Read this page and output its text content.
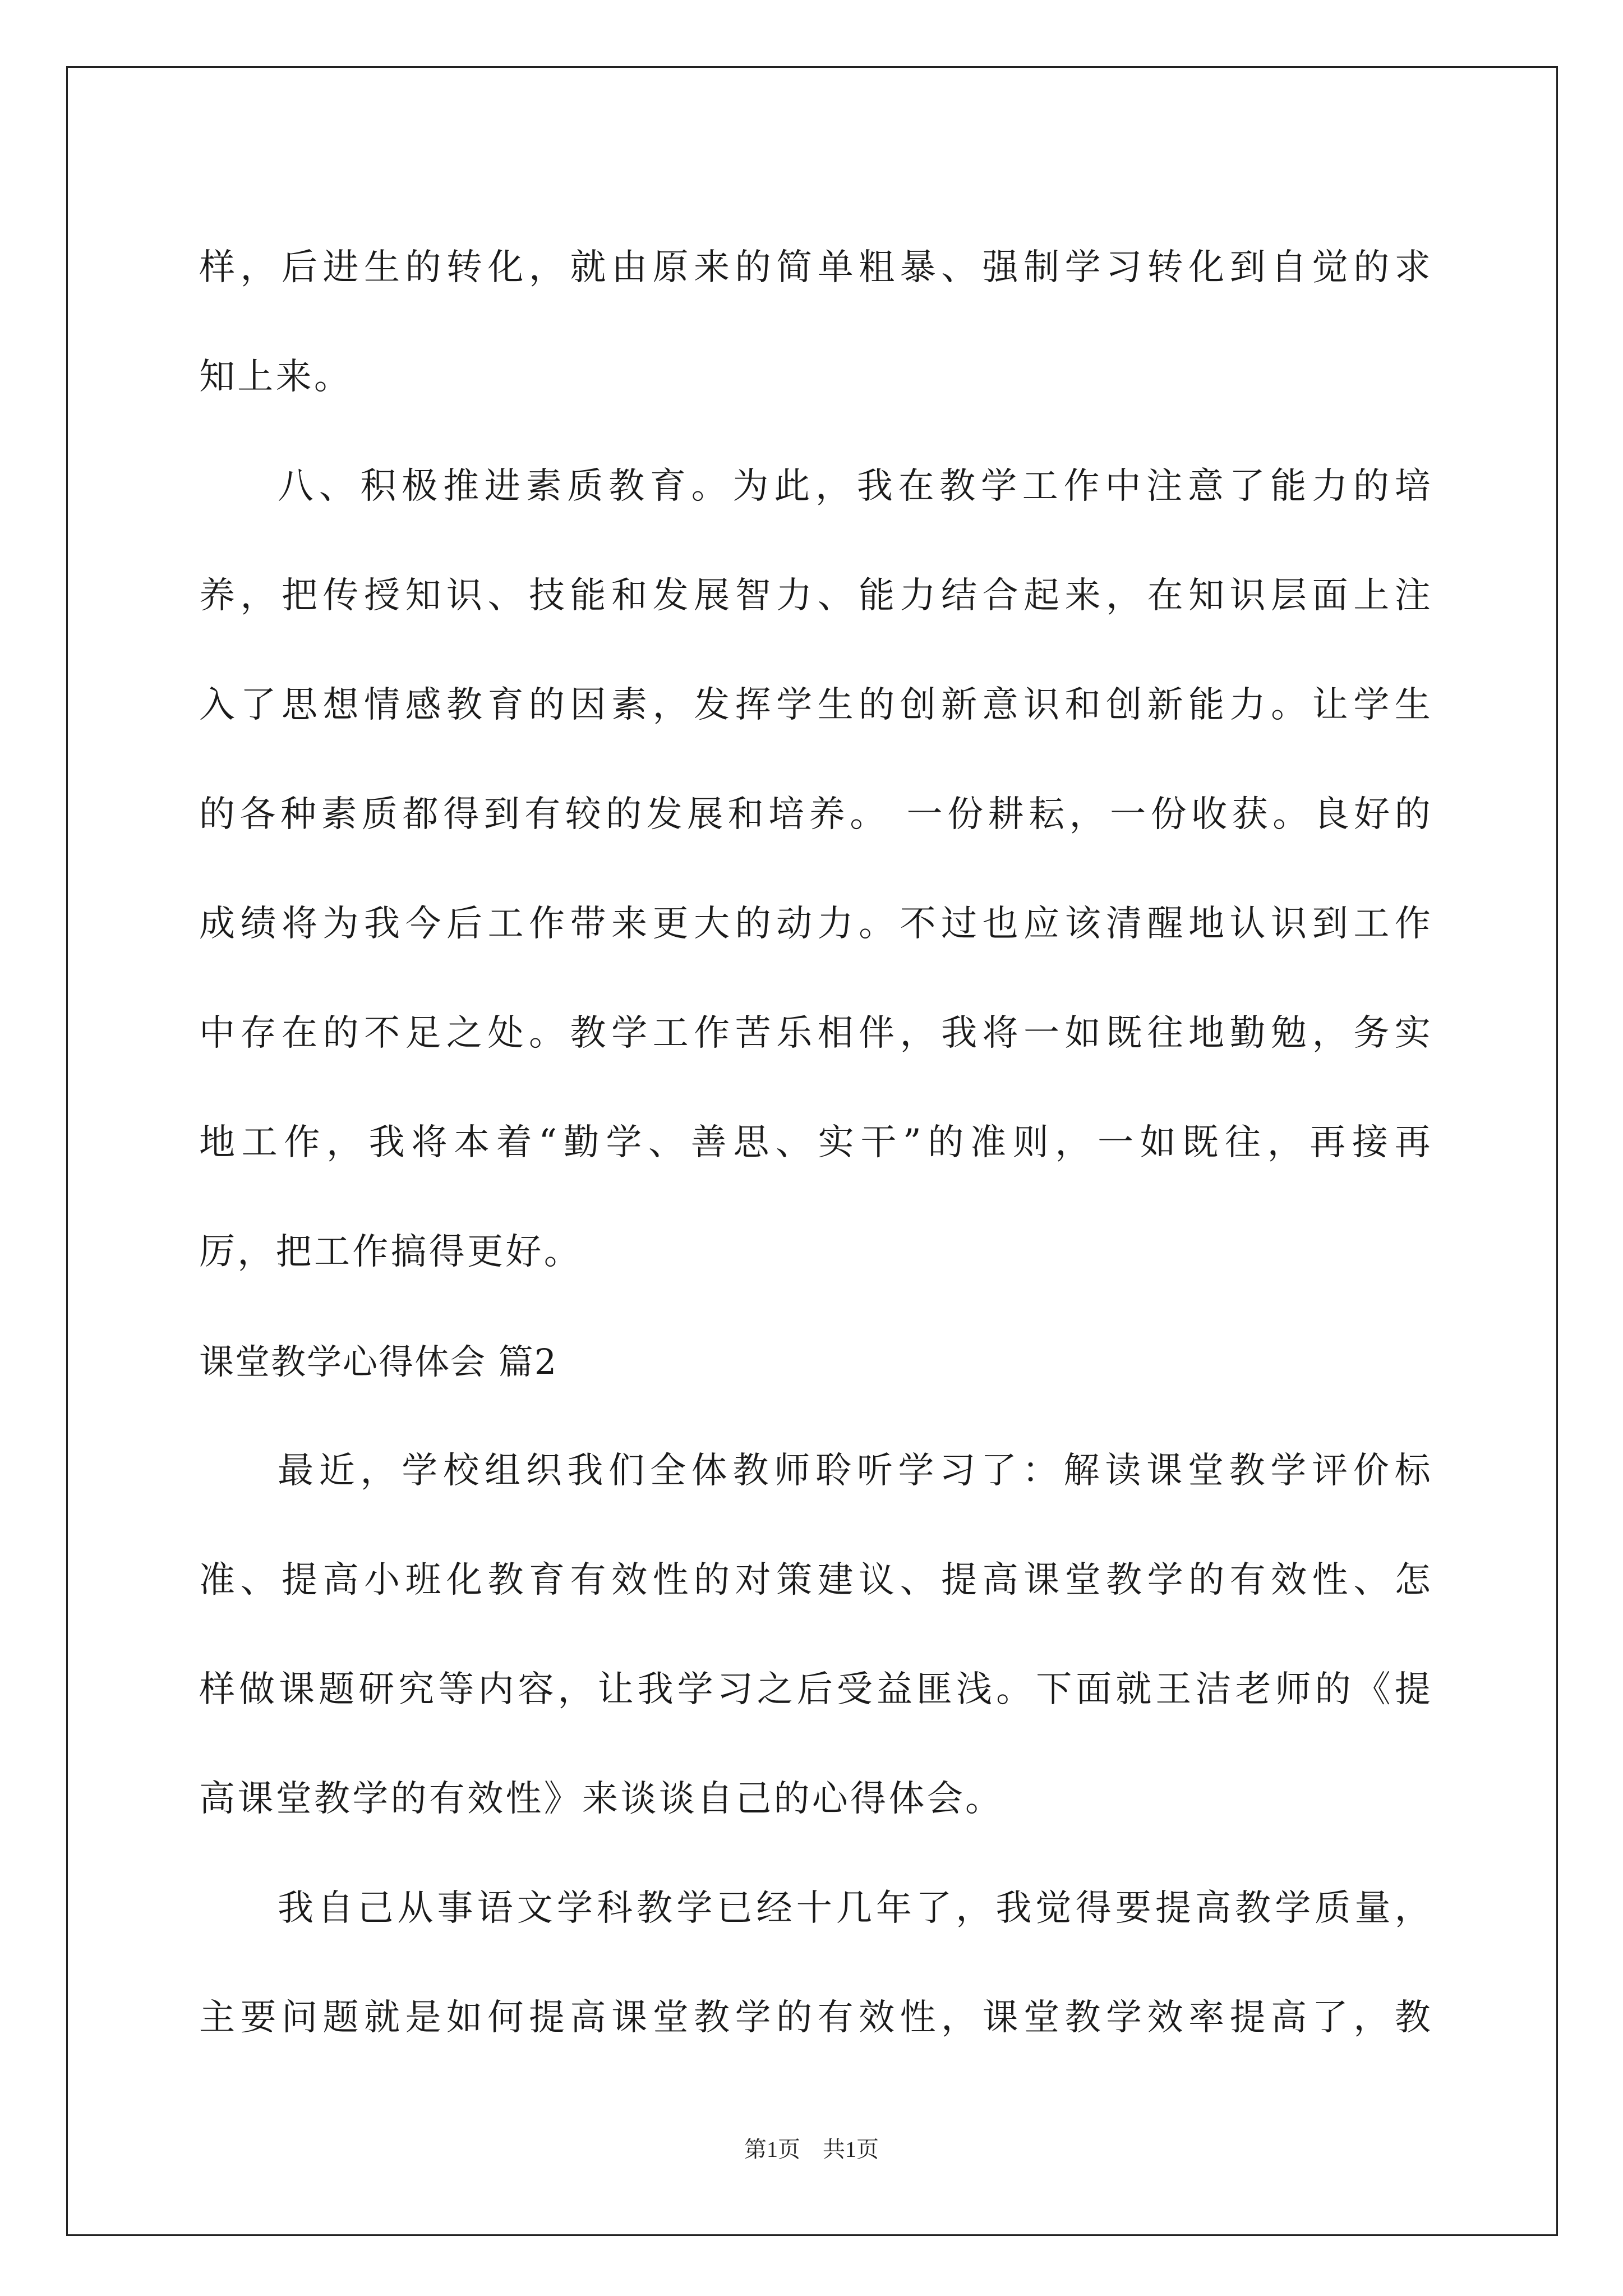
样，后进生的转化，就由原来的简单粗暴、强制学习转化到自觉的求
知上来。
八、积极推进素质教育。为此，我在教学工作中注意了能力的培
养，把传授知识、技能和发展智力、能力结合起来，在知识层面上注
入了思想情感教育的因素，发挥学生的创新意识和创新能力。让学生
的各种素质都得到有较的发展和培养。 一份耕耘，一份收获。良好的
成绩将为我今后工作带来更大的动力。不过也应该清醒地认识到工作
中存在的不足之处。教学工作苦乐相伴，我将一如既往地勤勉，务实
地工作，我将本着“勤学、善思、实干”的准则，一如既往，再接再
厉，把工作搞得更好。
课堂教学心得体会 篇2
最近，学校组织我们全体教师聆听学习了：解读课堂教学评价标
准、提高小班化教育有效性的对策建议、提高课堂教学的有效性、怎
样做课题研究等内容，让我学习之后受益匪浅。下面就王洁老师的《提
高课堂教学的有效性》来谈谈自己的心得体会。
我自己从事语文学科教学已经十几年了，我觉得要提高教学质量，
主要问题就是如何提高课堂教学的有效性，课堂教学效率提高了，教
第1页 共1页
